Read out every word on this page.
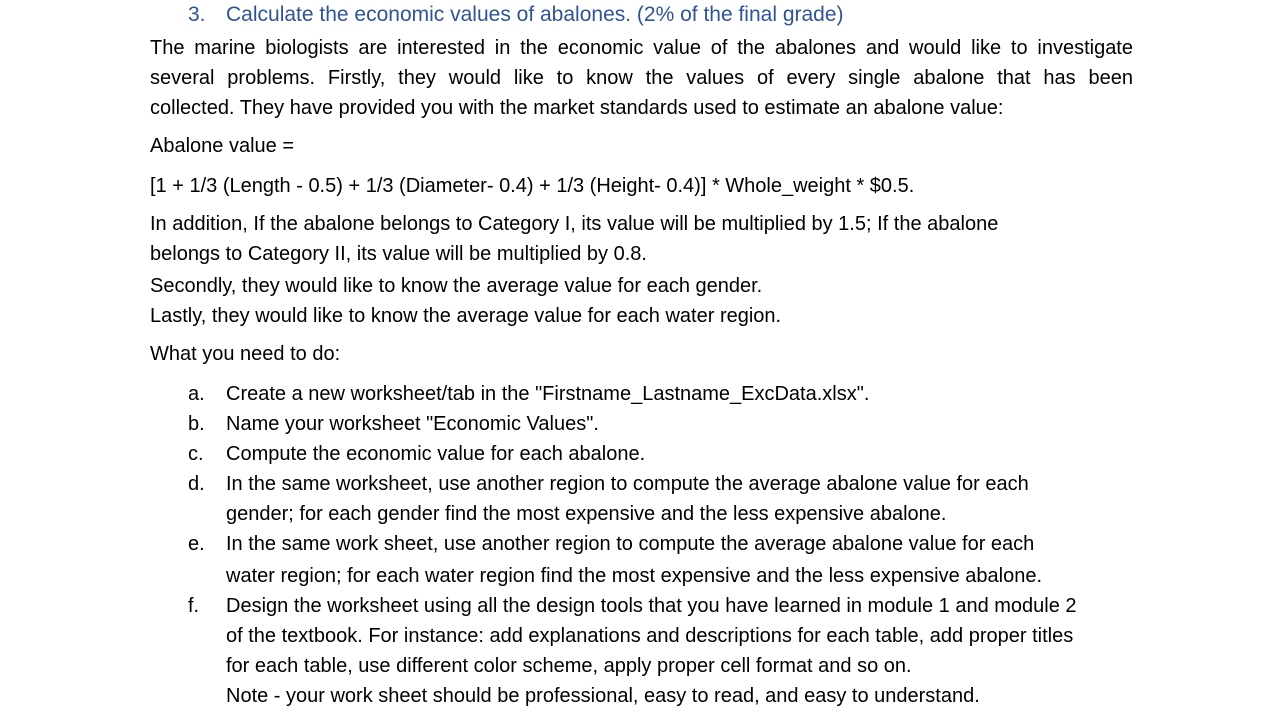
3. Calculate the economic values of abalones. (2% of the final grade)
The marine biologists are interested in the economic value of the abalones and would like to investigate
several problems. Firstly, they would like to know the values of every single abalone that has been
collected. They have provided you with the market standards used to estimate an abalone value:
Abalone value =
[1 + 1/3 (Length - 0.5) + 1/3 (Diameter- 0.4) + 1/3 (Height- 0.4)] * Whole_weight * $0.5.
In addition, If the abalone belongs to Category I, its value will be multiplied by 1.5; If the abalone
belongs to Category II, its value will be multiplied by 0.8.
Secondly, they would like to know the average value for each gender.
Lastly, they would like to know the average value for each water region.
What you need to do:
a. Create a new worksheet/tab in the "Firstname_Lastname_ExcData.xlsx".
b. Name your worksheet "Economic Values".
c. Compute the economic value for each abalone.
d. In the same worksheet, use another region to compute the average abalone value for each
gender; for each gender find the most expensive and the less expensive abalone.
e. In the same work sheet, use another region to compute the average abalone value for each
water region; for each water region find the most expensive and the less expensive abalone.
f. Design the worksheet using all the design tools that you have learned in module 1 and module 2
of the textbook. For instance: add explanations and descriptions for each table, add proper titles
for each table, use different color scheme, apply proper cell format and so on.
Note - your work sheet should be professional, easy to read, and easy to understand.
